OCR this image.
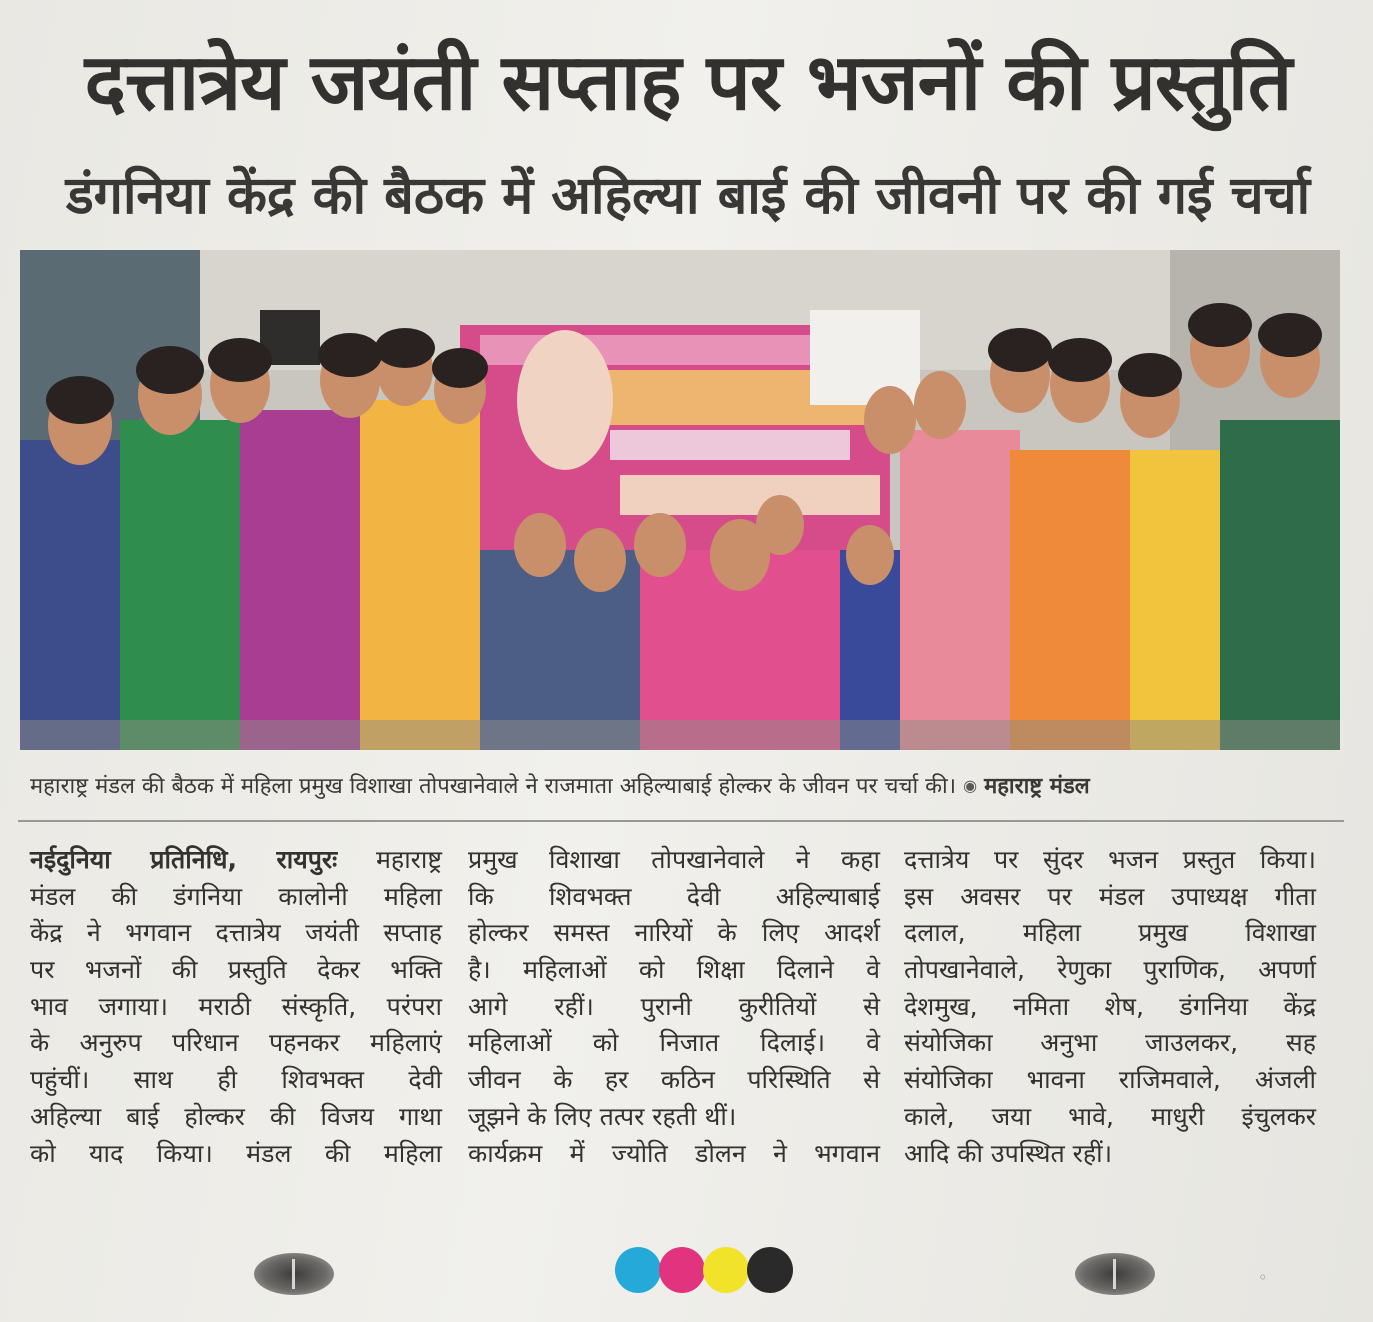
दत्तात्रेय जयंती सप्ताह पर भजनों की प्रस्तुति
डंगनिया केंद्र की बैठक में अहिल्या बाई की जीवनी पर की गई चर्चा
महाराष्ट्र मंडल की बैठक में महिला प्रमुख विशाखा तोपखानेवाले ने राजमाता अहिल्याबाई होल्कर के जीवन पर चर्चा की। ◉ महाराष्ट्र मंडल
नईदुनिया प्रतिनिधि, रायपुरः महाराष्ट्र
मंडल की डंगनिया कालोनी महिला
केंद्र ने भगवान दत्तात्रेय जयंती सप्ताह
पर भजनों की प्रस्तुति देकर भक्ति
भाव जगाया। मराठी संस्कृति, परंपरा
के अनुरुप परिधान पहनकर महिलाएं
पहुंचीं। साथ ही शिवभक्त देवी
अहिल्या बाई होल्कर की विजय गाथा
को याद किया। मंडल की महिला
प्रमुख विशाखा तोपखानेवाले ने कहा
कि शिवभक्त देवी अहिल्याबाई
होल्कर समस्त नारियों के लिए आदर्श
है। महिलाओं को शिक्षा दिलाने वे
आगे रहीं। पुरानी कुरीतियों से
महिलाओं को निजात दिलाई। वे
जीवन के हर कठिन परिस्थिति से
जूझने के लिए तत्पर रहती थीं।
कार्यक्रम में ज्योति डोलन ने भगवान
दत्तात्रेय पर सुंदर भजन प्रस्तुत किया।
इस अवसर पर मंडल उपाध्यक्ष गीता
दलाल, महिला प्रमुख विशाखा
तोपखानेवाले, रेणुका पुराणिक, अपर्णा
देशमुख, नमिता शेष, डंगनिया केंद्र
संयोजिका अनुभा जाउलकर, सह
संयोजिका भावना राजिमवाले, अंजली
काले, जया भावे, माधुरी इंचुलकर
आदि की उपस्थित रहीं।
◦
